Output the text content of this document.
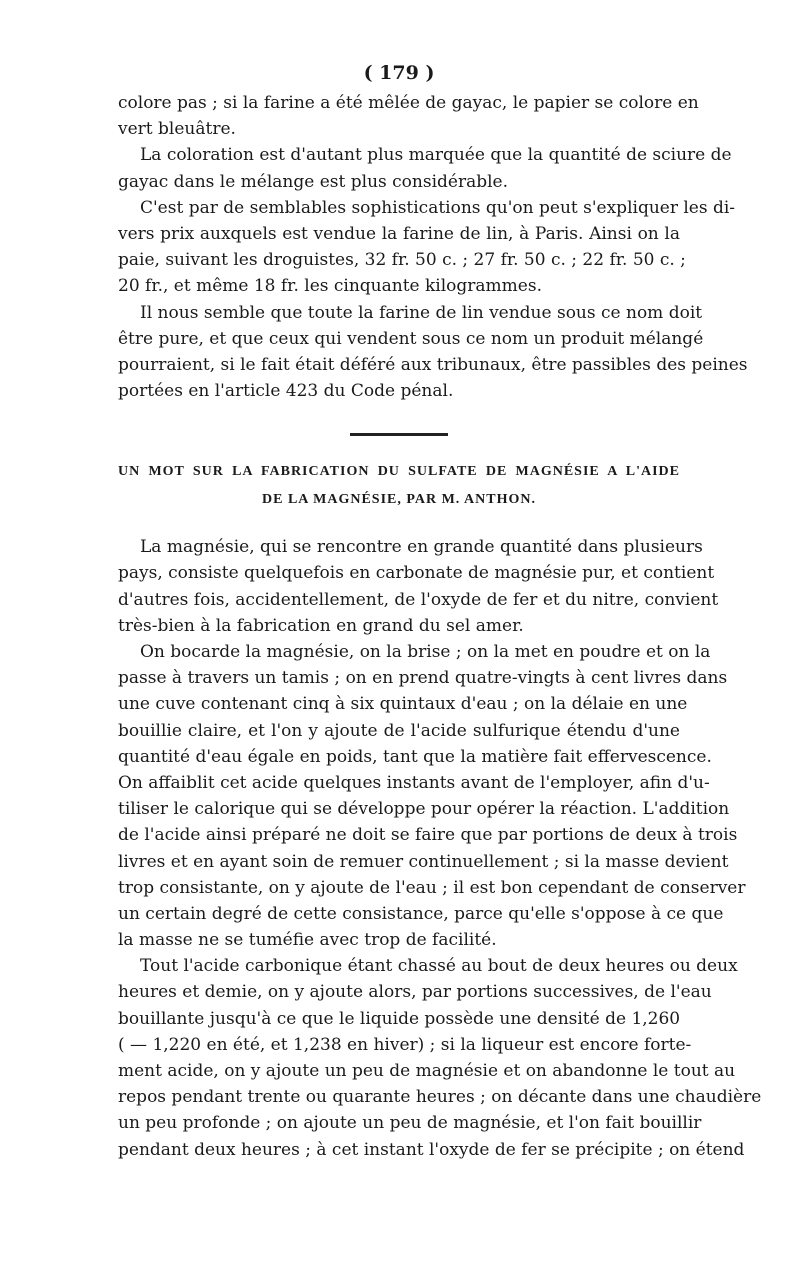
( 179 )
colore pas ; si la farine a été mêlée de gayac, le papier se colore en
vert bleuâtre.
La coloration est d'autant plus marquée que la quantité de sciure de
gayac dans le mélange est plus considérable.
C'est par de semblables sophistications qu'on peut s'expliquer les di-
vers prix auxquels est vendue la farine de lin, à Paris. Ainsi on la
paie, suivant les droguistes, 32 fr. 50 c. ; 27 fr. 50 c. ; 22 fr. 50 c. ;
20 fr., et même 18 fr. les cinquante kilogrammes.
Il nous semble que toute la farine de lin vendue sous ce nom doit
être pure, et que ceux qui vendent sous ce nom un produit mélangé
pourraient, si le fait était déféré aux tribunaux, être passibles des peines
portées en l'article 423 du Code pénal.
UN MOT SUR LA FABRICATION DU SULFATE DE MAGNÉSIE A L'AIDE
DE LA MAGNÉSIE, PAR M. ANTHON.
La magnésie, qui se rencontre en grande quantité dans plusieurs
pays, consiste quelquefois en carbonate de magnésie pur, et contient
d'autres fois, accidentellement, de l'oxyde de fer et du nitre, convient
très-bien à la fabrication en grand du sel amer.
On bocarde la magnésie, on la brise ; on la met en poudre et on la
passe à travers un tamis ; on en prend quatre-vingts à cent livres dans
une cuve contenant cinq à six quintaux d'eau ; on la délaie en une
bouillie claire, et l'on y ajoute de l'acide sulfurique étendu d'une
quantité d'eau égale en poids, tant que la matière fait effervescence.
On affaiblit cet acide quelques instants avant de l'employer, afin d'u-
tiliser le calorique qui se développe pour opérer la réaction. L'addition
de l'acide ainsi préparé ne doit se faire que par portions de deux à trois
livres et en ayant soin de remuer continuellement ; si la masse devient
trop consistante, on y ajoute de l'eau ; il est bon cependant de conserver
un certain degré de cette consistance, parce qu'elle s'oppose à ce que
la masse ne se tuméfie avec trop de facilité.
Tout l'acide carbonique étant chassé au bout de deux heures ou deux
heures et demie, on y ajoute alors, par portions successives, de l'eau
bouillante jusqu'à ce que le liquide possède une densité de 1,260
( — 1,220 en été, et 1,238 en hiver) ; si la liqueur est encore forte-
ment acide, on y ajoute un peu de magnésie et on abandonne le tout au
repos pendant trente ou quarante heures ; on décante dans une chaudière
un peu profonde ; on ajoute un peu de magnésie, et l'on fait bouillir
pendant deux heures ; à cet instant l'oxyde de fer se précipite ; on étend
